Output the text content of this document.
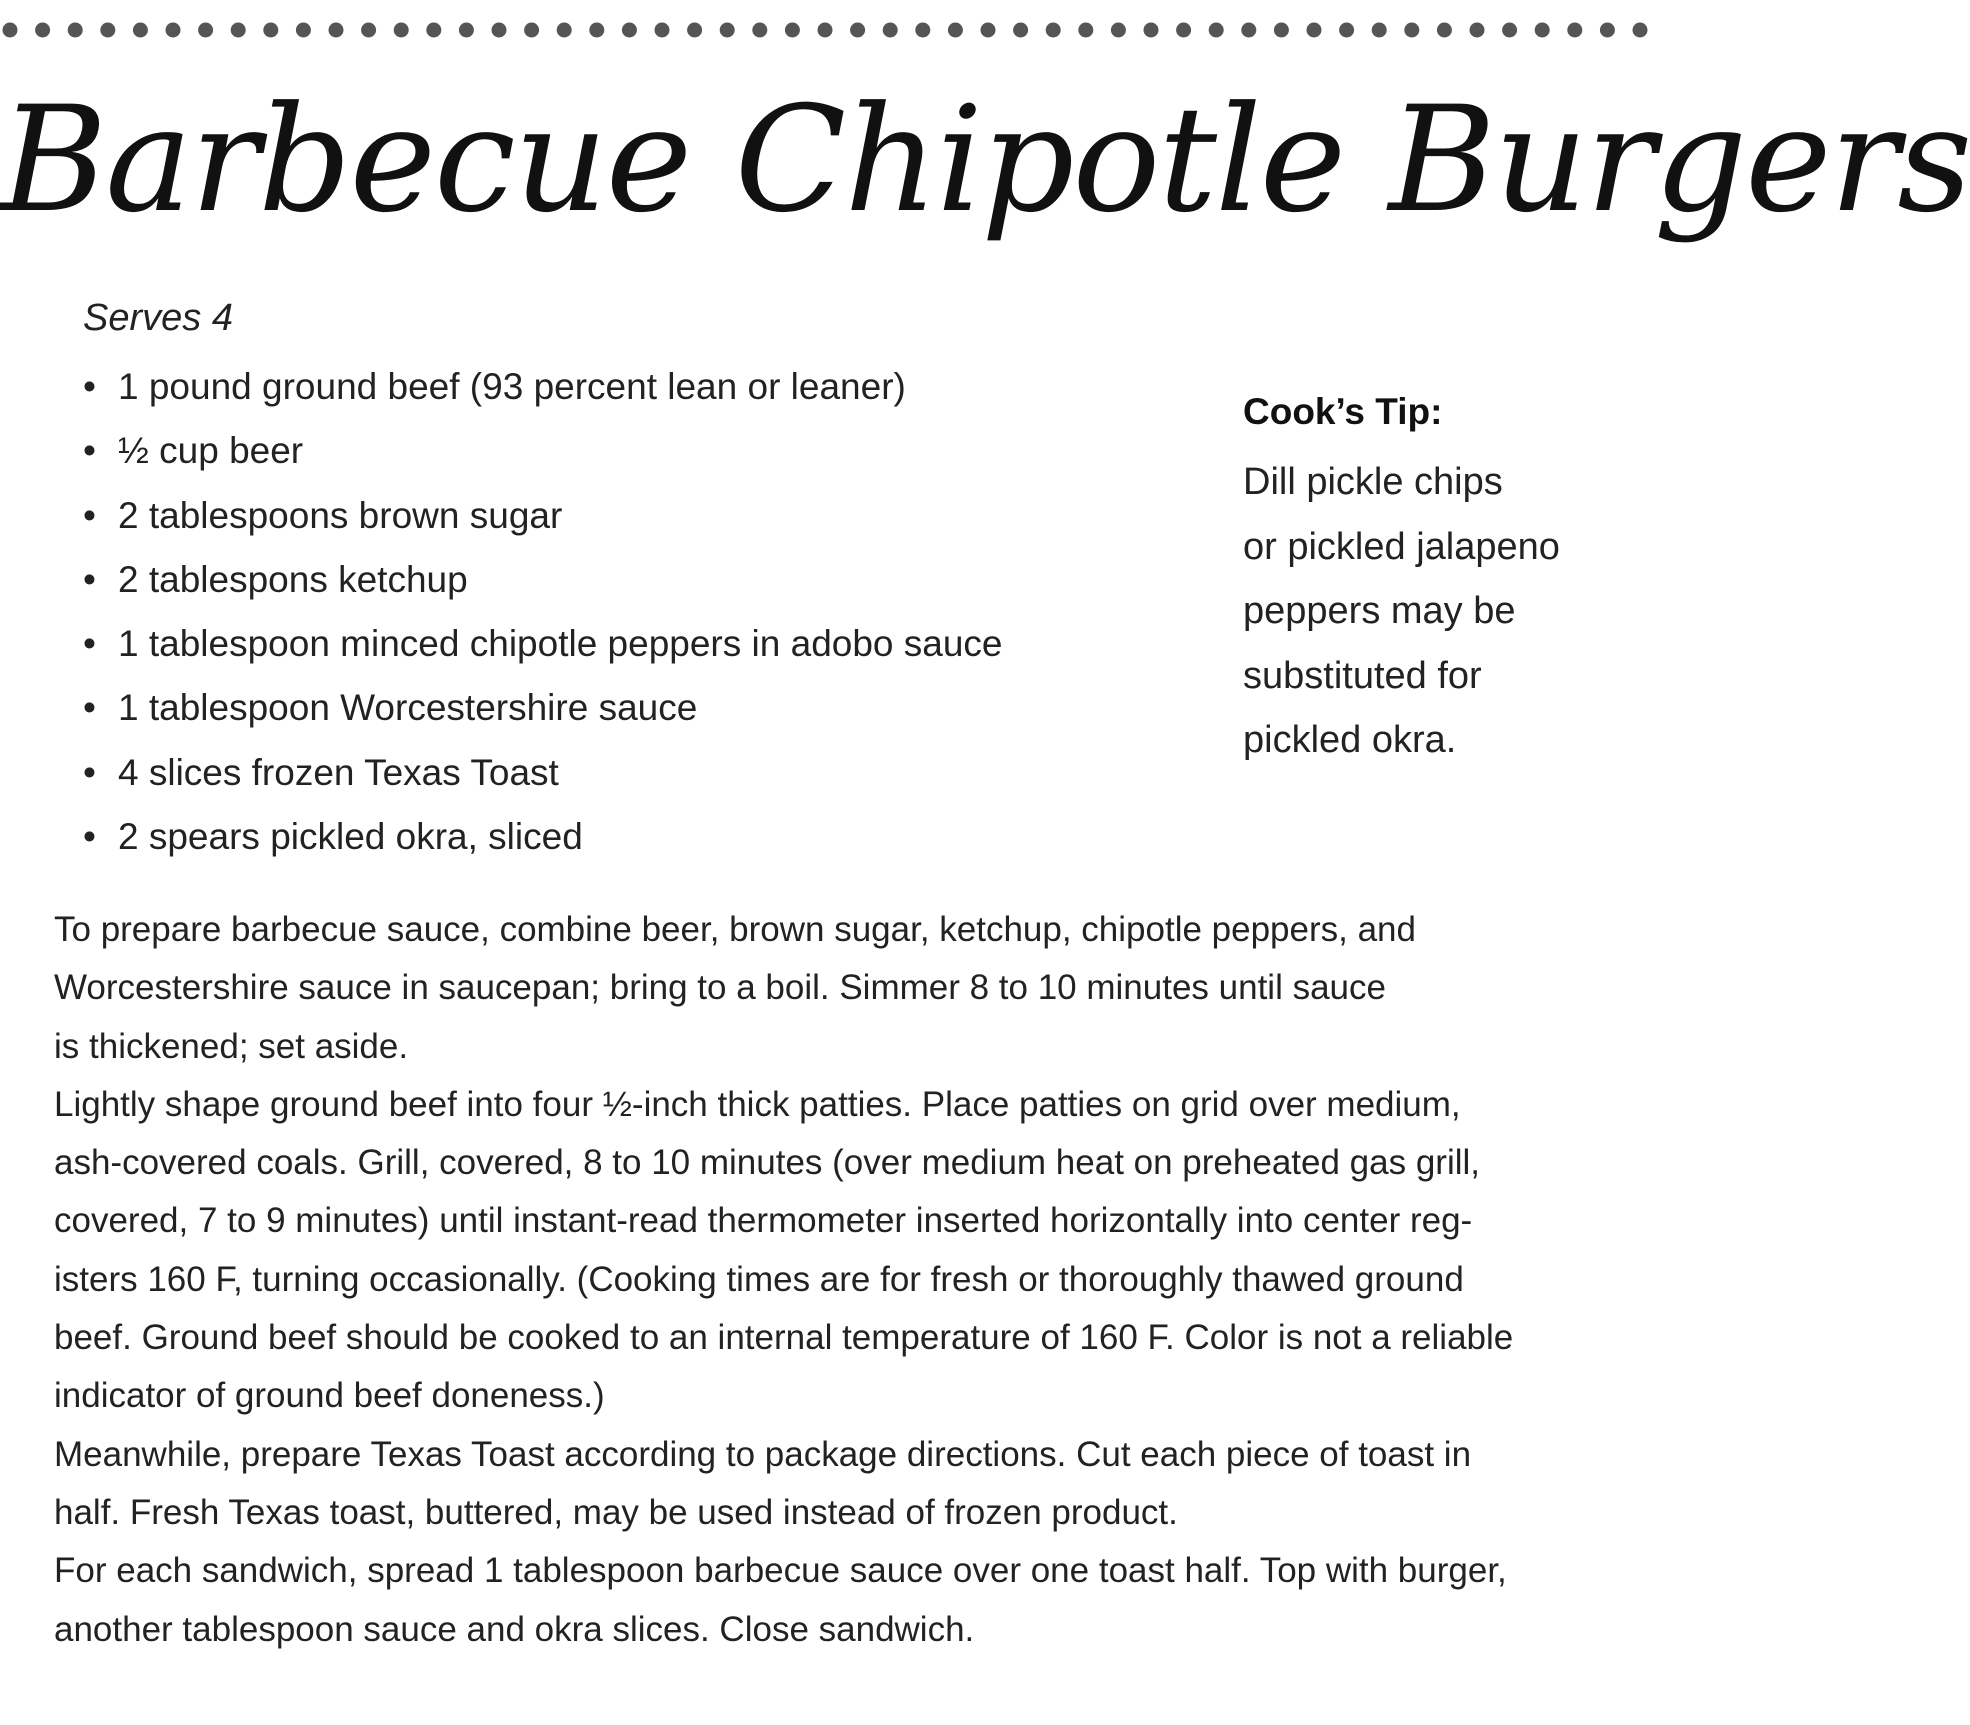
Barbecue Chipotle Burgers

Serves 4

• 1 pound ground beef (93 percent lean or leaner)
• ½ cup beer
• 2 tablespoons brown sugar
• 2 tablespons ketchup
• 1 tablespoon minced chipotle peppers in adobo sauce
• 1 tablespoon Worcestershire sauce
• 4 slices frozen Texas Toast
• 2 spears pickled okra, sliced
Cook’s Tip:
Dill pickle chips
or pickled jalapeno
peppers may be
substituted for
pickled okra.
To prepare barbecue sauce, combine beer, brown sugar, ketchup, chipotle peppers, and
Worcestershire sauce in saucepan; bring to a boil. Simmer 8 to 10 minutes until sauce
is thickened; set aside.
Lightly shape ground beef into four ½-inch thick patties. Place patties on grid over medium,
ash-covered coals. Grill, covered, 8 to 10 minutes (over medium heat on preheated gas grill,
covered, 7 to 9 minutes) until instant-read thermometer inserted horizontally into center reg-
isters 160 F, turning occasionally. (Cooking times are for fresh or thoroughly thawed ground
beef. Ground beef should be cooked to an internal temperature of 160 F. Color is not a reliable
indicator of ground beef doneness.)
Meanwhile, prepare Texas Toast according to package directions. Cut each piece of toast in
half. Fresh Texas toast, buttered, may be used instead of frozen product.
For each sandwich, spread 1 tablespoon barbecue sauce over one toast half. Top with burger,
another tablespoon sauce and okra slices. Close sandwich.
